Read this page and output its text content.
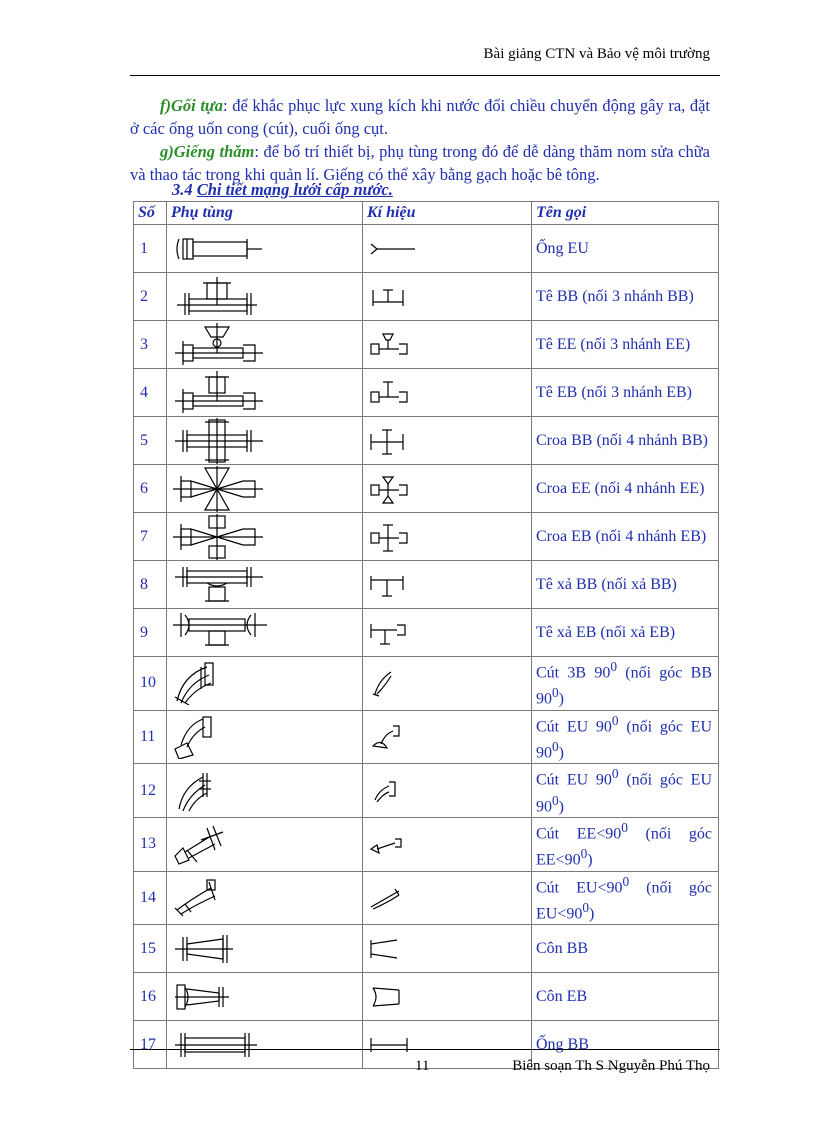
Bài giảng CTN và Bảo vệ môi trường
f)Gối tựa: để khắc phục lực xung kích khi nước đổi chiều chuyển động gây ra, đặt ở các ống uốn cong (cút), cuối ống cụt.
g)Giếng thăm: để bố trí thiết bị, phụ tùng trong đó để dễ dàng thăm nom sửa chữa và thao tác trong khi quản lí. Giếng có thể xây bằng gạch hoặc bê tông.
3.4 Chi tiết mạng lưới cấp nước.
Số	Phụ tùng	Kí hiệu	Tên gọi
1			Ống EU
2			Tê BB (nối 3 nhánh BB)
3			Tê EE (nối 3 nhánh EE)
4			Tê EB (nối 3 nhánh EB)
5			Croa BB (nối 4 nhánh BB)
6			Croa EE (nối 4 nhánh EE)
7			Croa EB (nối 4 nhánh EB)
8			Tê xả BB (nối xả BB)
9			Tê xả EB (nối xả EB)
10			Cút 3B $90^0$ (nối góc BB $90^0$)
11			Cút EU $90^0$ (nối góc EU $90^0$)
12			Cút EU $90^0$ (nối góc EU $90^0$)
13			Cút $EE<90^0$ (nối góc $EE<90^0$)
14			Cút $EU<90^0$ (nối góc $EU<90^0$)
15			Côn BB
16			Côn EB
17			Ống BB
11	Biên soạn Th S Nguyễn Phú Thọ
